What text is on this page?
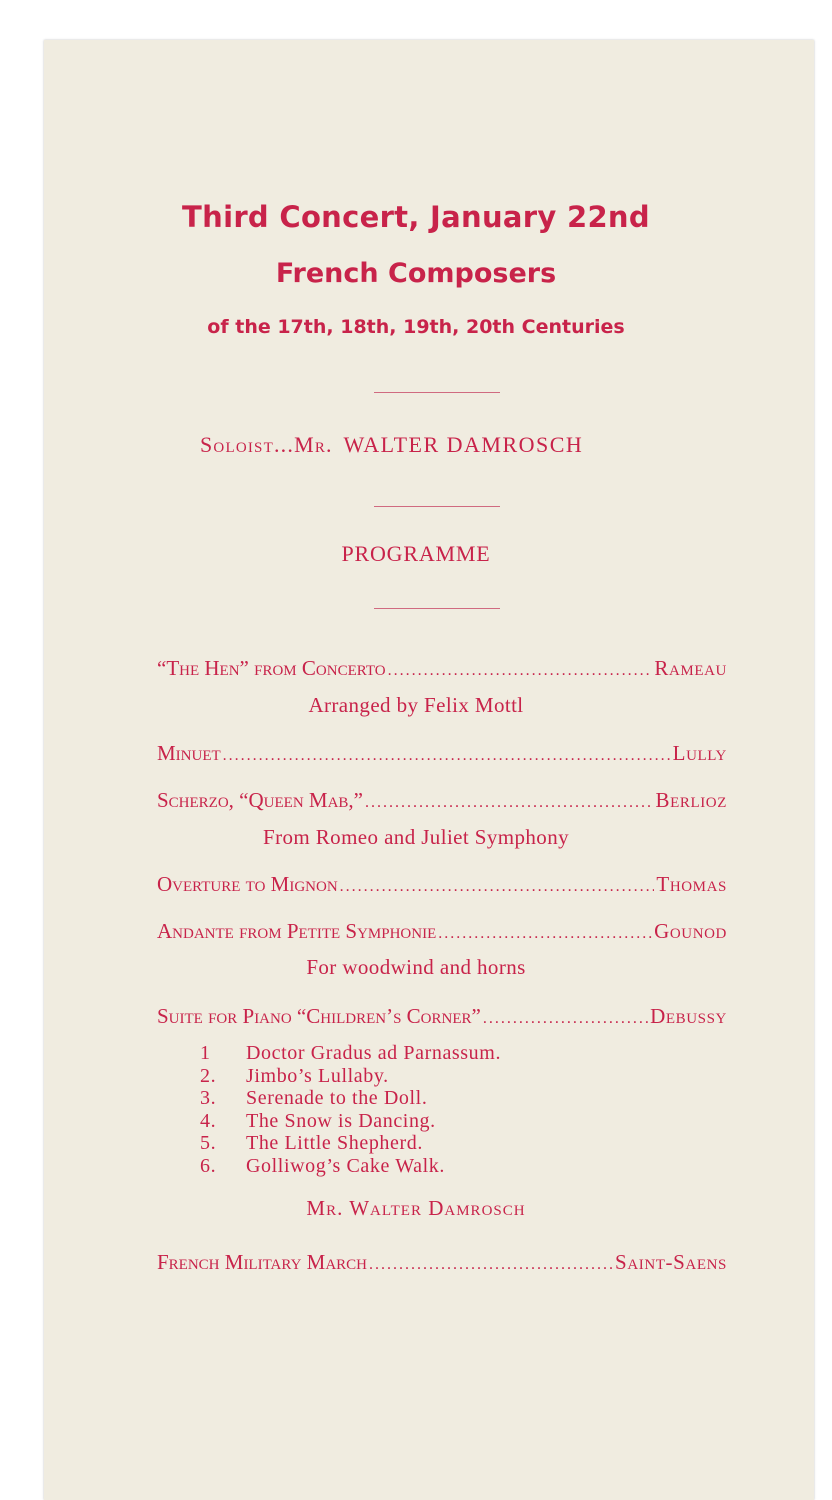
Third Concert, January 22nd
French Composers
of the 17th, 18th, 19th, 20th Centuries
Soloist...Mr. WALTER DAMROSCH
PROGRAMME
“The Hen” from Concerto .....	Rameau
Arranged by Felix Mottl
Minuet .....	Lully
Scherzo, “Queen Mab,” .....	Berlioz
From Romeo and Juliet Symphony
Overture to Mignon .....	Thomas
Andante from Petite Symphonie .....	Gounod
For woodwind and horns
Suite for Piano “Children’s Corner” .....	Debussy
1	Doctor Gradus ad Parnassum.
2.	Jimbo’s Lullaby.
3.	Serenade to the Doll.
4.	The Snow is Dancing.
5.	The Little Shepherd.
6.	Golliwog’s Cake Walk.
Mr. Walter Damrosch
French Military March .....	Saint-Saens
